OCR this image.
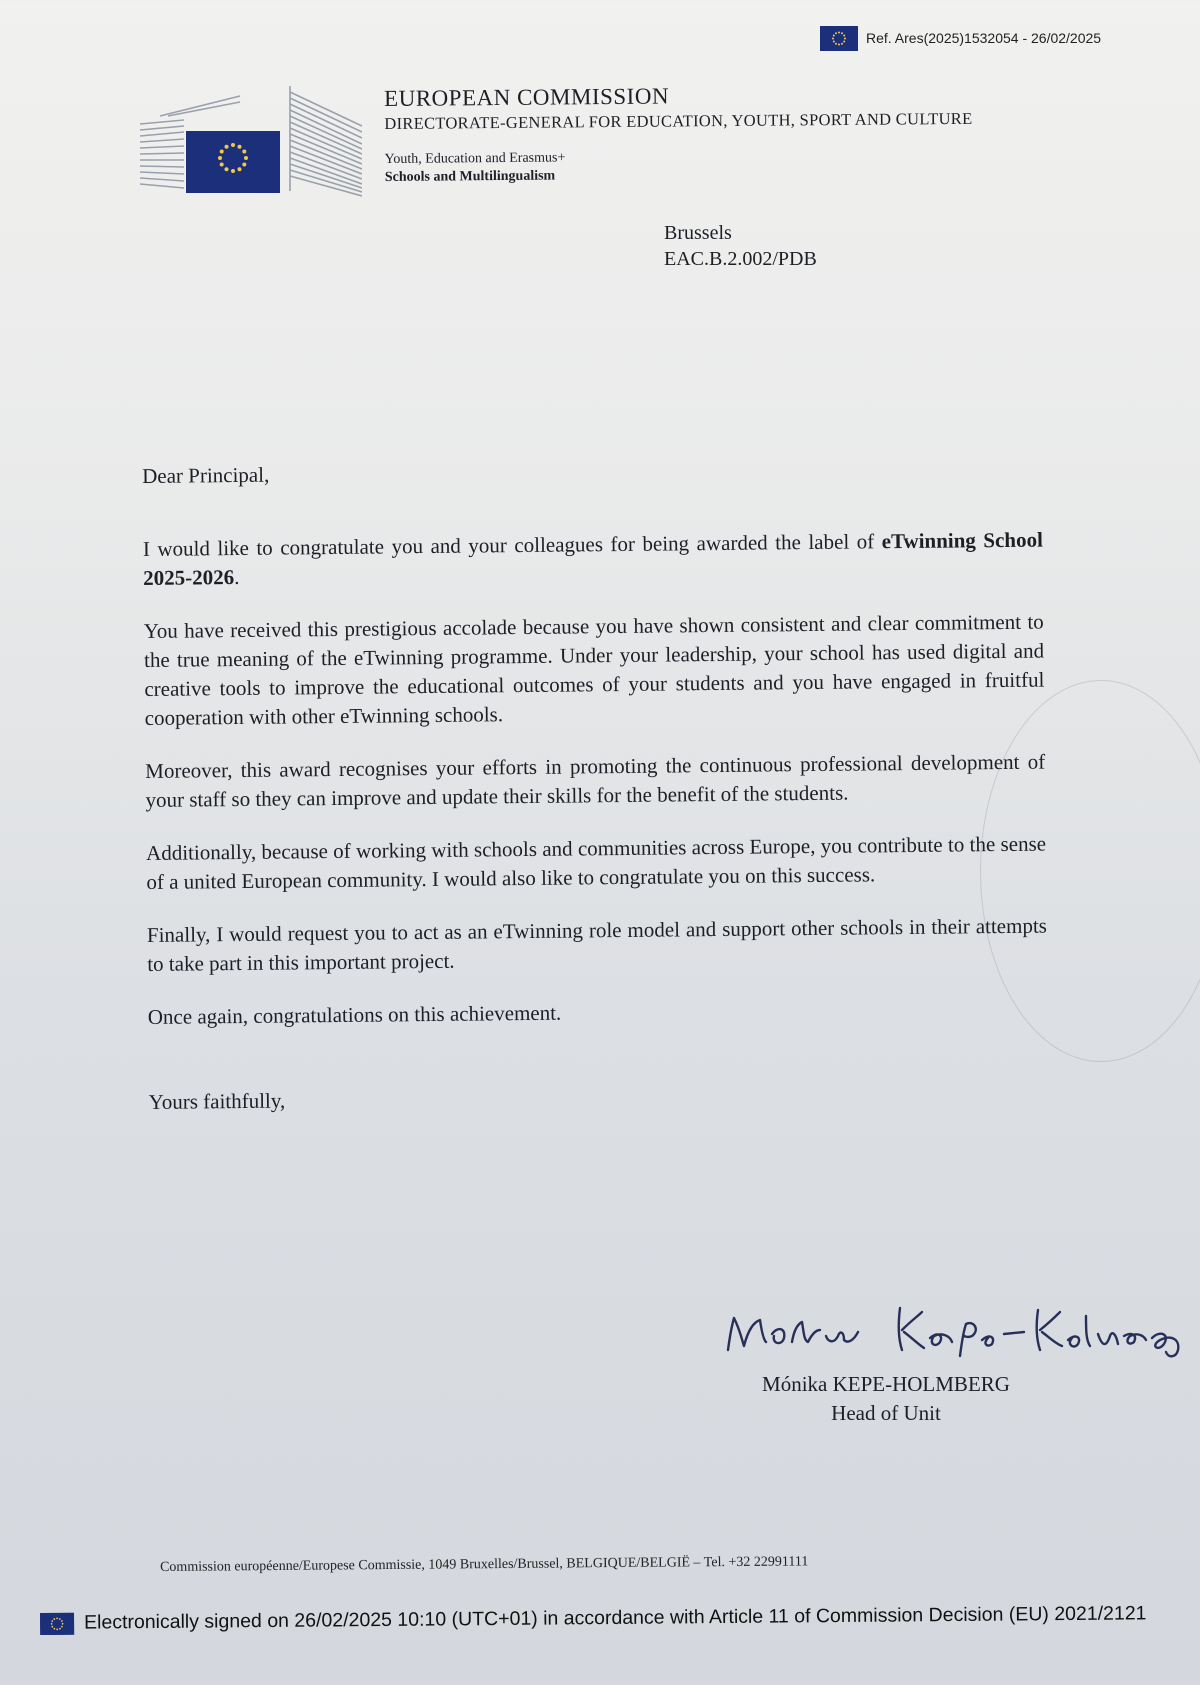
Ref. Ares(2025)1532054 - 26/02/2025
EUROPEAN COMMISSION
DIRECTORATE-GENERAL FOR EDUCATION, YOUTH, SPORT AND CULTURE
Youth, Education and Erasmus+
Schools and Multilingualism
Brussels
EAC.B.2.002/PDB

Dear Principal,

I would like to congratulate you and your colleagues for being awarded the label of eTwinning School 2025-2026.

You have received this prestigious accolade because you have shown consistent and clear commitment to the true meaning of the eTwinning programme. Under your leadership, your school has used digital and creative tools to improve the educational outcomes of your students and you have engaged in fruitful cooperation with other eTwinning schools.

Moreover, this award recognises your efforts in promoting the continuous professional development of your staff so they can improve and update their skills for the benefit of the students.

Additionally, because of working with schools and communities across Europe, you contribute to the sense of a united European community. I would also like to congratulate you on this success.

Finally, I would request you to act as an eTwinning role model and support other schools in their attempts to take part in this important project.

Once again, congratulations on this achievement.

Yours faithfully,

Mónika KEPE-HOLMBERG
Head of Unit
Commission européenne/Europese Commissie, 1049 Bruxelles/Brussel, BELGIQUE/BELGIË – Tel. +32 22991111
Electronically signed on 26/02/2025 10:10 (UTC+01) in accordance with Article 11 of Commission Decision (EU) 2021/2121
